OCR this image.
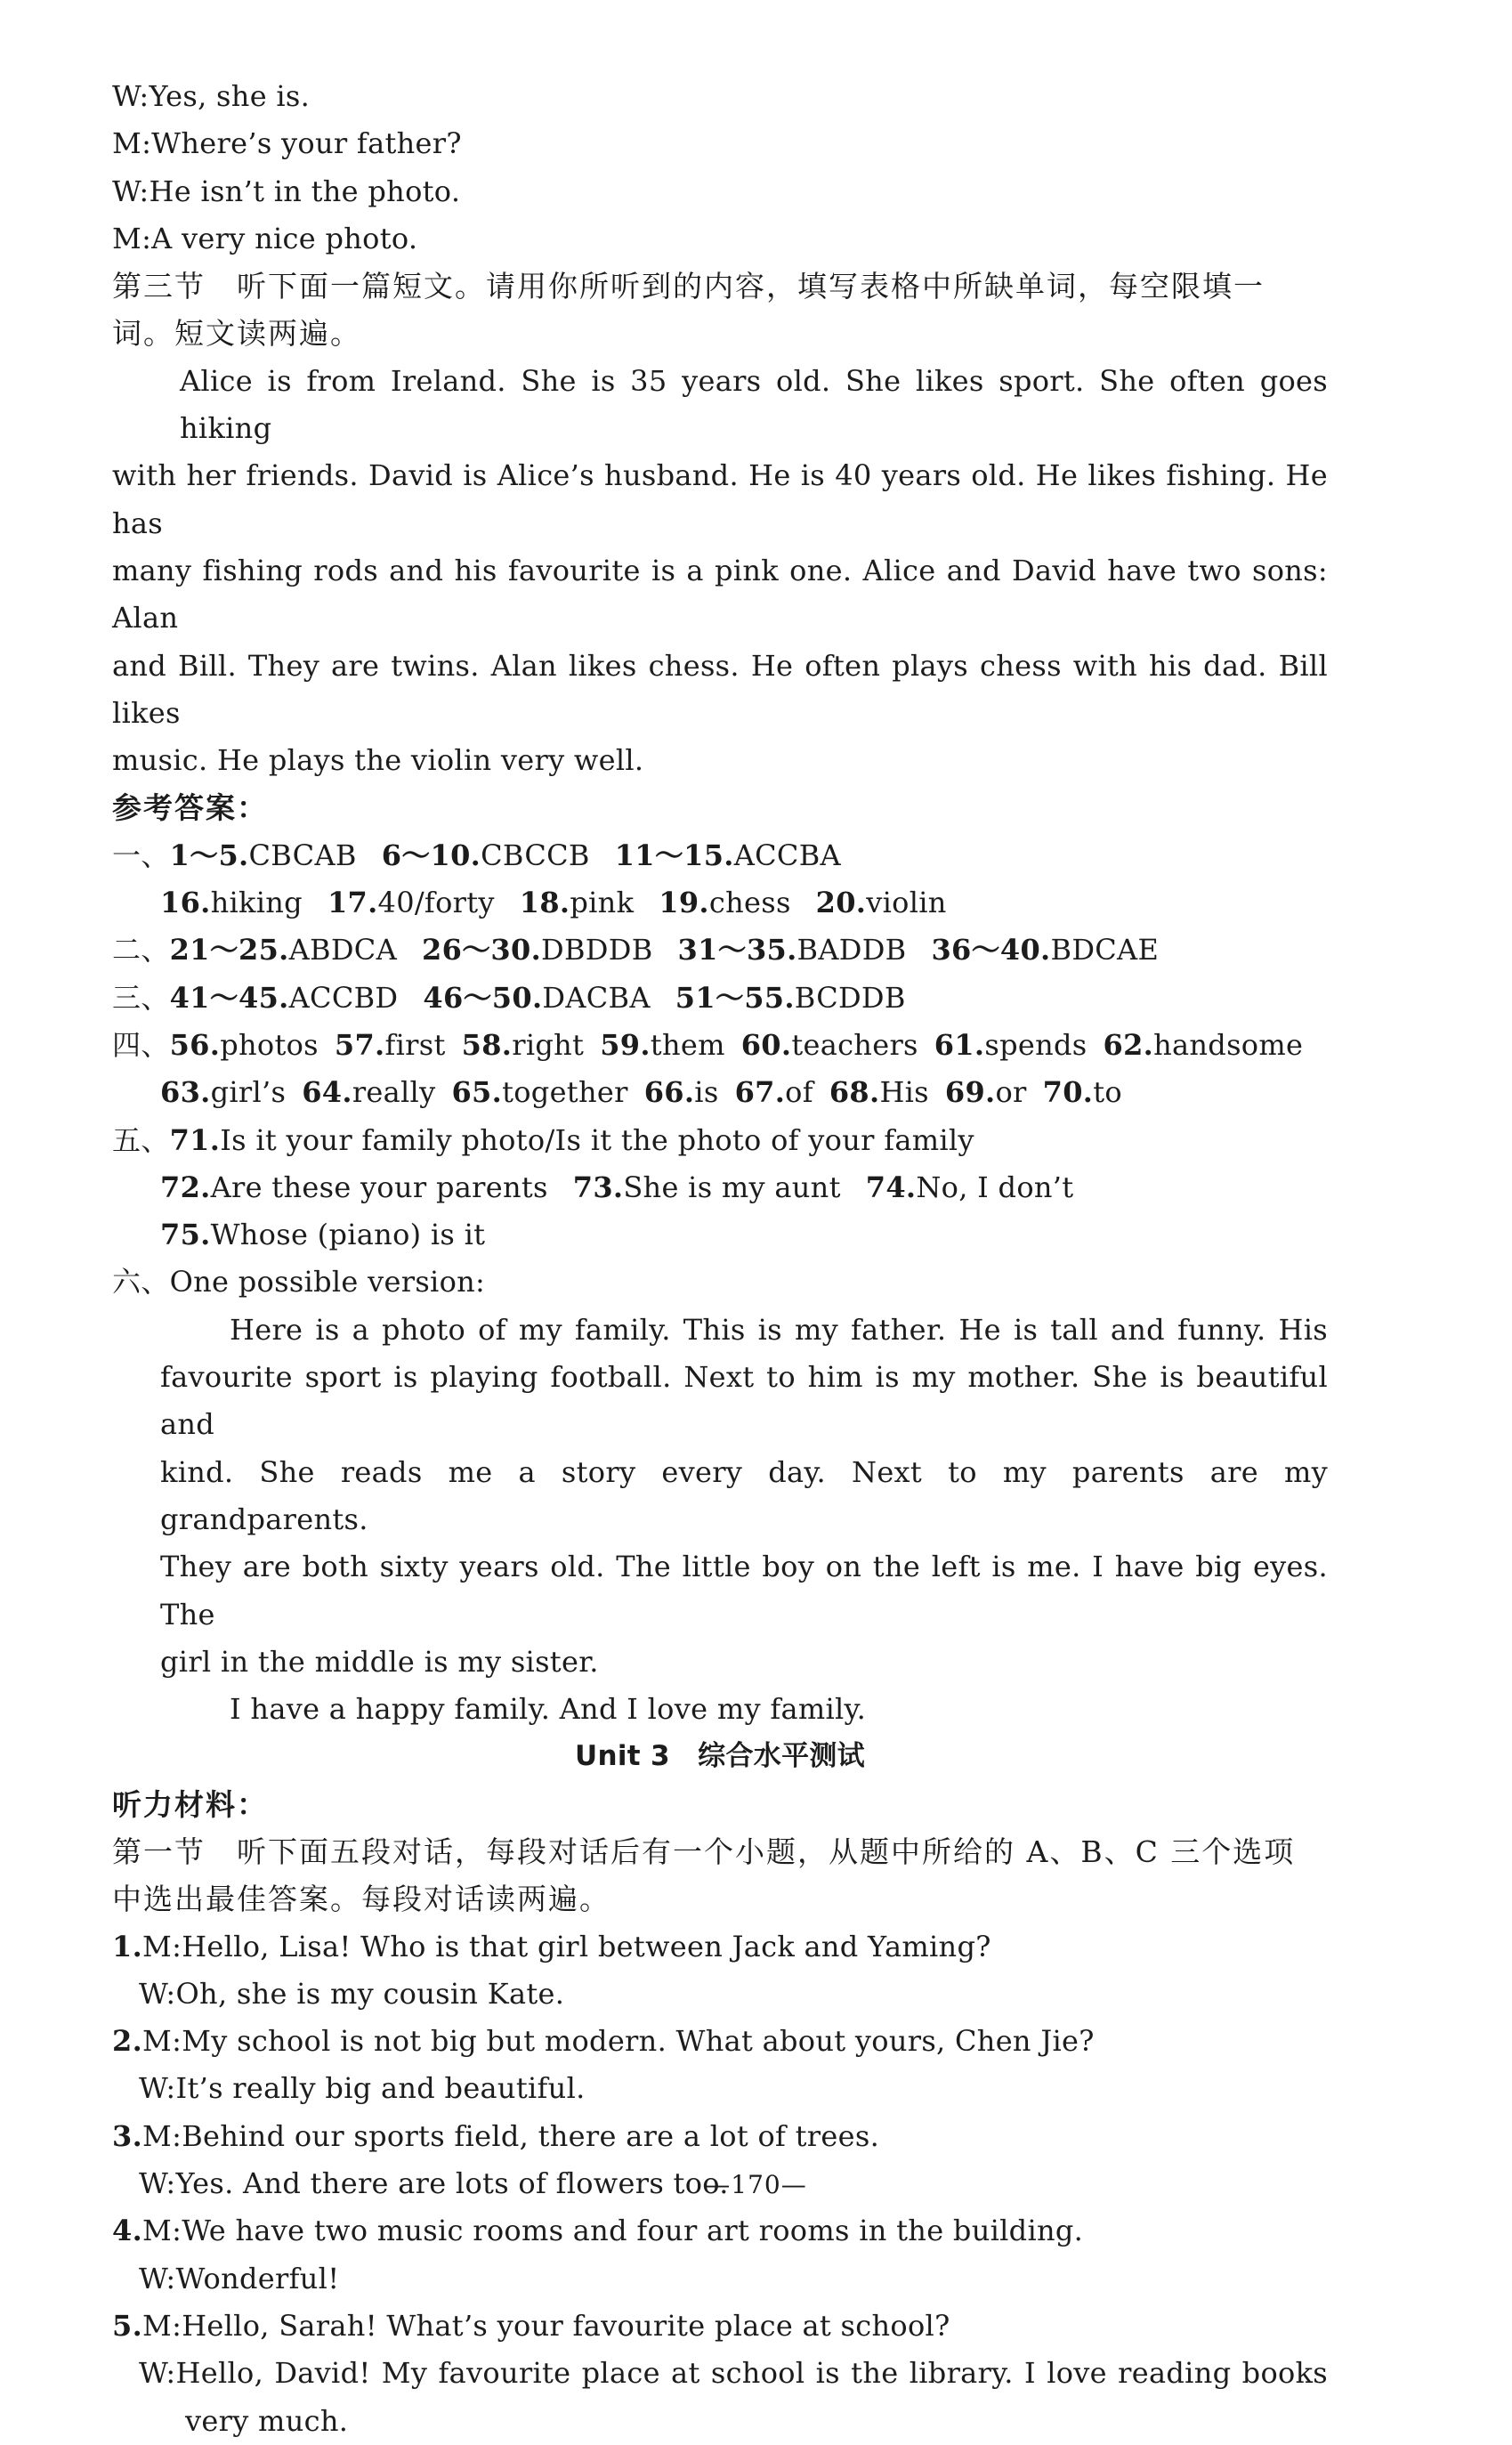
W:Yes, she is.
M:Where’s your father?
W:He isn’t in the photo.
M:A very nice photo.
第三节　听下面一篇短文。请用你所听到的内容，填写表格中所缺单词，每空限填一
词。短文读两遍。
Alice is from Ireland. She is 35 years old. She likes sport. She often goes hiking
with her friends. David is Alice’s husband. He is 40 years old. He likes fishing. He has
many fishing rods and his favourite is a pink one. Alice and David have two sons: Alan
and Bill. They are twins. Alan likes chess. He often plays chess with his dad. Bill likes
music. He plays the violin very well.
参考答案：
一、1～5.CBCAB 6～10.CBCCB 11～15.ACCBA
16.hiking 17.40/forty 18.pink 19.chess 20.violin
二、21～25.ABDCA 26～30.DBDDB 31～35.BADDB 36～40.BDCAE
三、41～45.ACCBD 46～50.DACBA 51～55.BCDDB
四、56.photos 57.first 58.right 59.them 60.teachers 61.spends 62.handsome
63.girl’s 64.really 65.together 66.is 67.of 68.His 69.or 70.to
五、71.Is it your family photo/Is it the photo of your family
72.Are these your parents 73.She is my aunt 74.No, I don’t
75.Whose (piano) is it
六、One possible version:
Here is a photo of my family. This is my father. He is tall and funny. His
favourite sport is playing football. Next to him is my mother. She is beautiful and
kind. She reads me a story every day. Next to my parents are my grandparents.
They are both sixty years old. The little boy on the left is me. I have big eyes. The
girl in the middle is my sister.
I have a happy family. And I love my family.
Unit 3　 综合水平测试
听力材料：
第一节　听下面五段对话，每段对话后有一个小题，从题中所给的 A、B、C 三个选项
中选出最佳答案。每段对话读两遍。
1.M:Hello, Lisa! Who is that girl between Jack and Yaming?
W:Oh, she is my cousin Kate.
2.M:My school is not big but modern. What about yours, Chen Jie?
W:It’s really big and beautiful.
3.M:Behind our sports field, there are a lot of trees.
W:Yes. And there are lots of flowers too.
4.M:We have two music rooms and four art rooms in the building.
W:Wonderful!
5.M:Hello, Sarah! What’s your favourite place at school?
W:Hello, David! My favourite place at school is the library. I love reading books
very much.
—170—
